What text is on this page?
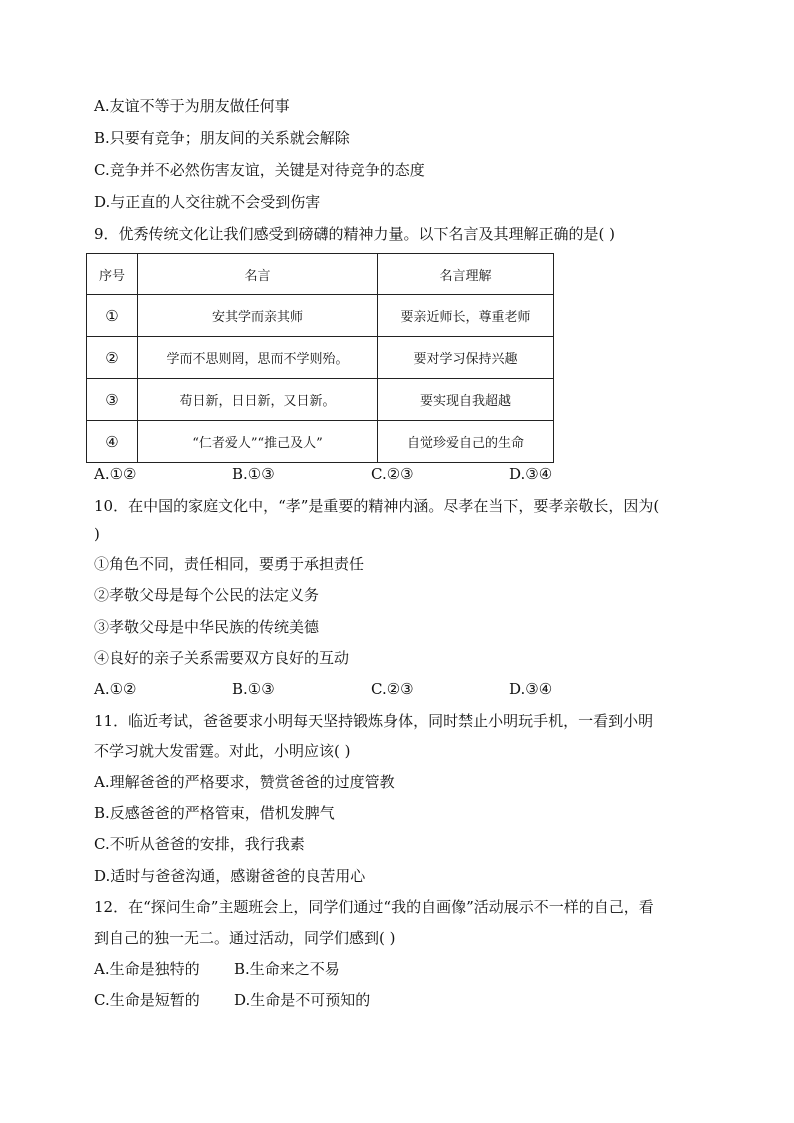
A.友谊不等于为朋友做任何事
B.只要有竞争；朋友间的关系就会解除
C.竞争并不必然伤害友谊，关键是对待竞争的态度
D.与正直的人交往就不会受到伤害
9．优秀传统文化让我们感受到磅礴的精神力量。以下名言及其理解正确的是( )
序号	名言	名言理解
①	安其学而亲其师	要亲近师长，尊重老师
②	学而不思则罔，思而不学则殆。	要对学习保持兴趣
③	苟日新，日日新，又日新。	要实现自我超越
④	“仁者爱人”“推己及人”	自觉珍爱自己的生命
A.①②	B.①③	C.②③	D.③④
10．在中国的家庭文化中，“孝”是重要的精神内涵。尽孝在当下，要孝亲敬长，因为(
)
①角色不同，责任相同，要勇于承担责任
②孝敬父母是每个公民的法定义务
③孝敬父母是中华民族的传统美德
④良好的亲子关系需要双方良好的互动
A.①②	B.①③	C.②③	D.③④
11．临近考试，爸爸要求小明每天坚持锻炼身体，同时禁止小明玩手机，一看到小明
不学习就大发雷霆。对此，小明应该( )
A.理解爸爸的严格要求，赞赏爸爸的过度管教
B.反感爸爸的严格管束，借机发脾气
C.不听从爸爸的安排，我行我素
D.适时与爸爸沟通，感谢爸爸的良苦用心
12．在“探问生命”主题班会上，同学们通过“我的自画像”活动展示不一样的自己，看
到自己的独一无二。通过活动，同学们感到( )
A.生命是独特的 B.生命来之不易
C.生命是短暂的 D.生命是不可预知的
